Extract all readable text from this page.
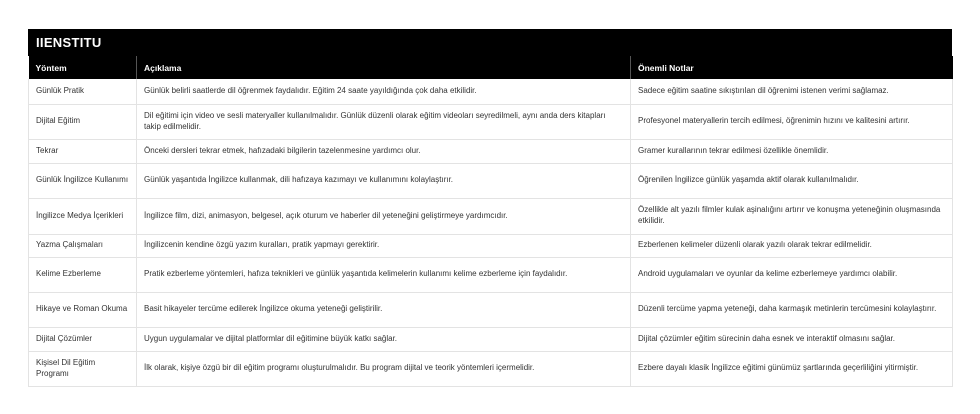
IIENSTITU
Yöntem	Açıklama	Önemli Notlar
Günlük Pratik	Günlük belirli saatlerde dil öğrenmek faydalıdır. Eğitim 24 saate yayıldığında çok daha etkilidir.	Sadece eğitim saatine sıkıştırılan dil öğrenimi istenen verimi sağlamaz.
Dijital Eğitim	Dil eğitimi için video ve sesli materyaller kullanılmalıdır. Günlük düzenli olarak eğitim videoları seyredilmeli, aynı anda ders kitapları takip edilmelidir.	Profesyonel materyallerin tercih edilmesi, öğrenimin hızını ve kalitesini artırır.
Tekrar	Önceki dersleri tekrar etmek, hafızadaki bilgilerin tazelenmesine yardımcı olur.	Gramer kurallarının tekrar edilmesi özellikle önemlidir.
Günlük İngilizce Kullanımı	Günlük yaşantıda İngilizce kullanmak, dili hafızaya kazımayı ve kullanımını kolaylaştırır.	Öğrenilen İngilizce günlük yaşamda aktif olarak kullanılmalıdır.
İngilizce Medya İçerikleri	İngilizce film, dizi, animasyon, belgesel, açık oturum ve haberler dil yeteneğini geliştirmeye yardımcıdır.	Özellikle alt yazılı filmler kulak aşinalığını artırır ve konuşma yeteneğinin oluşmasında etkilidir.
Yazma Çalışmaları	İngilizcenin kendine özgü yazım kuralları, pratik yapmayı gerektirir.	Ezberlenen kelimeler düzenli olarak yazılı olarak tekrar edilmelidir.
Kelime Ezberleme	Pratik ezberleme yöntemleri, hafıza teknikleri ve günlük yaşantıda kelimelerin kullanımı kelime ezberleme için faydalıdır.	Android uygulamaları ve oyunlar da kelime ezberlemeye yardımcı olabilir.
Hikaye ve Roman Okuma	Basit hikayeler tercüme edilerek İngilizce okuma yeteneği geliştirilir.	Düzenli tercüme yapma yeteneği, daha karmaşık metinlerin tercümesini kolaylaştırır.
Dijital Çözümler	Uygun uygulamalar ve dijital platformlar dil eğitimine büyük katkı sağlar.	Dijital çözümler eğitim sürecinin daha esnek ve interaktif olmasını sağlar.
Kişisel Dil Eğitim Programı	İlk olarak, kişiye özgü bir dil eğitim programı oluşturulmalıdır. Bu program dijital ve teorik yöntemleri içermelidir.	Ezbere dayalı klasik İngilizce eğitimi günümüz şartlarında geçerliliğini yitirmiştir.
